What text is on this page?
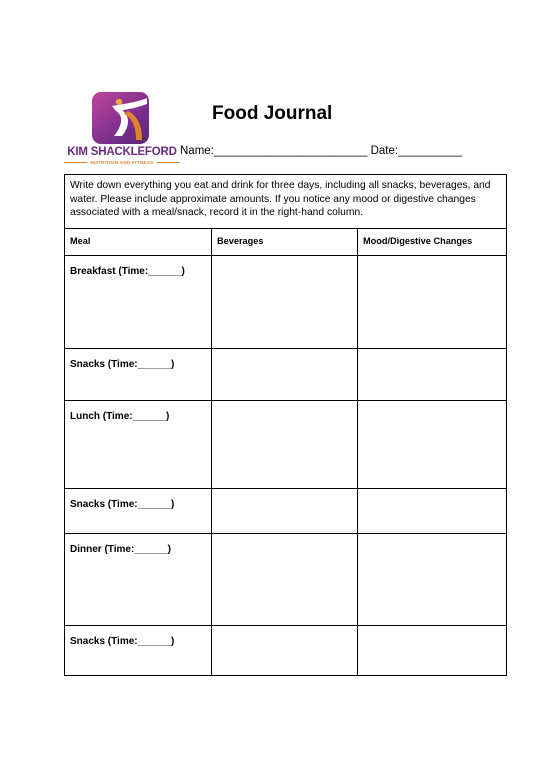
KIM SHACKLEFORD
NUTRITION AND FITNESS
Food Journal
Name:________________________ Date:__________
Write down everything you eat and drink for three days, including all snacks, beverages, and water. Please include approximate amounts. If you notice any mood or digestive changes associated with a meal/snack, record it in the right-hand column.
Meal	Beverages	Mood/Digestive Changes
Breakfast (Time:______)
Snacks (Time:______)
Lunch (Time:______)
Snacks (Time:______)
Dinner (Time:______)
Snacks (Time:______)
